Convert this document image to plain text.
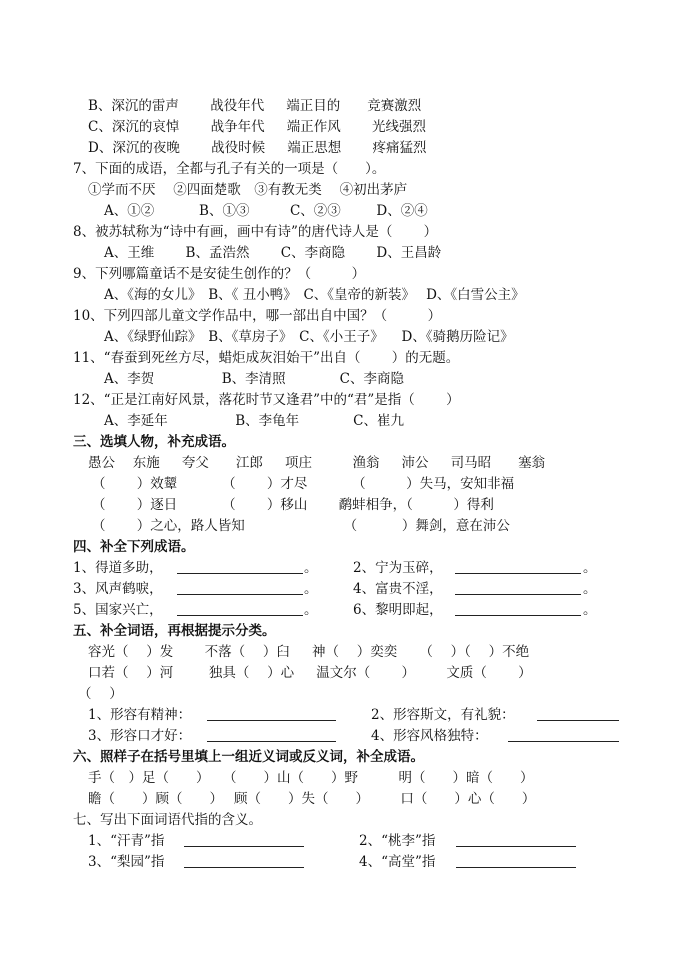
B、深沉的雷声　　 战役年代 　 端正目的　　竞赛激烈
C、深沉的哀悼 　　战争年代 　 端正作风 　　光线强烈
D、深沉的夜晚 　　战役时候 　 端正思想 　　疼痛猛烈
7、下面的成语，全都与孔子有关的一项是（　　）。
①学而不厌　 ②四面楚歌　③有教无类 　④初出茅庐
A、①②　　　 B、①③　　　C、②③ 　　 D、②④
8、被苏轼称为“诗中有画，画中有诗”的唐代诗人是（　　 ）
A、王维　　 B、孟浩然　　 C、李商隐 　　D、王昌龄
9、下列哪篇童话不是安徒生创作的？（　　　）
A、《海的女儿》　B、《 丑小鸭》　C、《皇帝的新装》　 D、《白雪公主》
10、下列四部儿童文学作品中，哪一部出自中国？（　　　）
A、《绿野仙踪》　B、《草房子》　C、《小王子》 　D、《骑鹅历险记》
11、“春蚕到死丝方尽，蜡炬成灰泪始干”出自（　　 ）的无题。
A、李贺　　　　　B、李清照　　　　C、李商隐
12、“正是江南好风景，落花时节又逢君”中的“君”是指（　　 ）
A、李延年　　　　　B、李龟年　　　　C、崔九
三、选填人物，补充成语。
愚公　 东施 　 夸父　　江郎 　 项庄　　　渔翁 　 沛公 　 司马昭　　塞翁
（　　 ）效颦　　　 （　　 ）才尽　　　 （　　　）失马，安知非福
（　　 ）逐日　　　 （　　 ）移山　　 鹬蚌相争，（　　　）得利
（　　 ）之心，路人皆知　　　　　　　 （　　　 ）舞剑，意在沛公
四、补全下列成语。
1、得道多助，	。	2、宁为玉碎，	。
3、风声鹤唳，	。	4、富贵不淫，	。
5、国家兴亡，	。	6、黎明即起，	。
五、补全词语，再根据提示分类。
容光（　 ）发 　　不落（　 ）臼 　 神（　 ）奕奕 　 （　 ）（　 ）不绝
口若（　 ）河 　　 独具（　 ）心 　 温文尔（　　 ） 　　文质（　　 ）
（　 ）
1、形容有精神：	2、形容斯文，有礼貌：
3、形容口才好：	4、形容风格独特：
六、照样子在括号里填上一组近义词或反义词，补全成语。
手（　）足（　　）　　（　　）山（　　）野　　　明（　　）暗（　　）
瞻（　　）顾（　　）　 顾（　　）失（　　） 　　口（　　）心（　　）
七、写出下面词语代指的含义。
1、“汗青”指	2、“桃李”指
3、“梨园”指	4、“高堂”指
